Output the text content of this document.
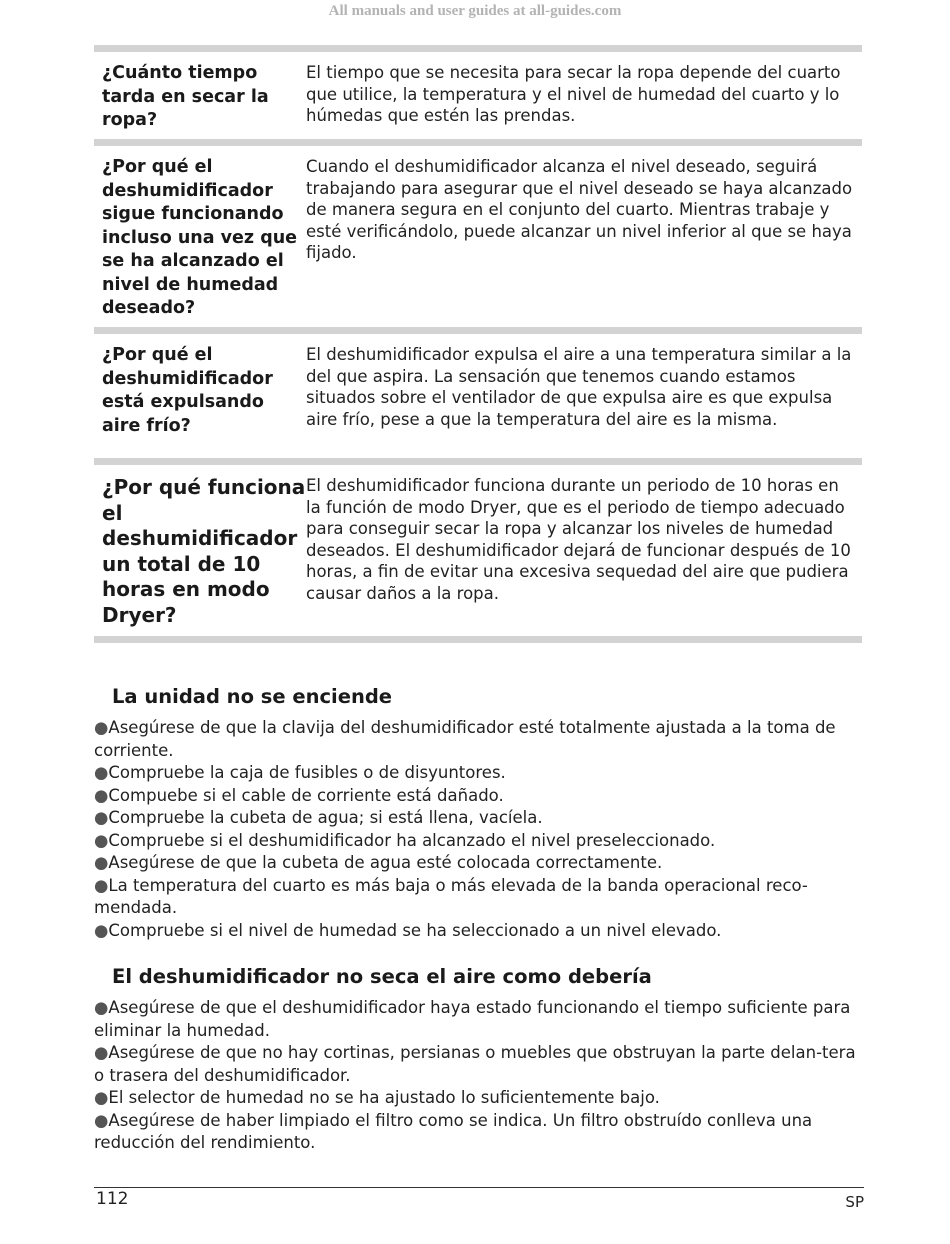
All manuals and user guides at all-guides.com
¿Cuánto tiempo tarda en secar la ropa?
El tiempo que se necesita para secar la ropa depende del cuarto que utilice, la temperatura y el nivel de humedad del cuarto y lo húmedas que estén las prendas.
¿Por qué el deshumidificador sigue funcionando incluso una vez que se ha alcanzado el nivel de humedad deseado?
Cuando el deshumidificador alcanza el nivel deseado, seguirá trabajando para asegurar que el nivel deseado se haya alcanzado de manera segura en el conjunto del cuarto. Mientras trabaje y esté verificándolo, puede alcanzar un nivel inferior al que se haya fijado.
¿Por qué el deshumidificador está expulsando aire frío?
El deshumidificador expulsa el aire a una temperatura similar a la del que aspira. La sensación que tenemos cuando estamos situados sobre el ventilador de que expulsa aire es que expulsa aire frío, pese a que la temperatura del aire es la misma.
¿Por qué funciona el deshumidificador un total de 10 horas en modo Dryer?
El deshumidificador funciona durante un periodo de 10 horas en la función de modo Dryer, que es el periodo de tiempo adecuado para conseguir secar la ropa y alcanzar los niveles de humedad deseados. El deshumidificador dejará de funcionar después de 10 horas, a fin de evitar una excesiva sequedad del aire que pudiera causar daños a la ropa.
La unidad no se enciende

●Asegúrese de que la clavija del deshumidificador esté totalmente ajustada a la toma de corriente.

●Compruebe la caja de fusibles o de disyuntores.

●Compuebe si el cable de corriente está dañado.

●Compruebe la cubeta de agua; si está llena, vacíela.

●Compruebe si el deshumidificador ha alcanzado el nivel preseleccionado.

●Asegúrese de que la cubeta de agua esté colocada correctamente.

●La temperatura del cuarto es más baja o más elevada de la banda operacional reco-mendada.

●Compruebe si el nivel de humedad se ha seleccionado a un nivel elevado.

El deshumidificador no seca el aire como debería

●Asegúrese de que el deshumidificador haya estado funcionando el tiempo suficiente para eliminar la humedad.

●Asegúrese de que no hay cortinas, persianas o muebles que obstruyan la parte delan-tera o trasera del deshumidificador.

●El selector de humedad no se ha ajustado lo suficientemente bajo.

●Asegúrese de haber limpiado el filtro como se indica. Un filtro obstruído conlleva una reducción del rendimiento.

112	SP
